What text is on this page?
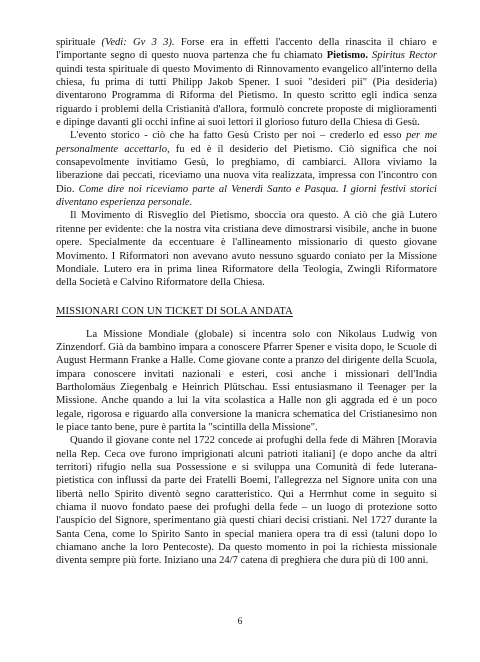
spirituale (Vedi: Gv 3 3). Forse era in effetti l'accento della rinascita il chiaro e l'importante segno di questo nuova partenza che fu chiamato Pietismo. Spiritus Rector quindi testa spirituale di questo Movimento di Rinnovamento evangelico all'interno della chiesa, fu prima di tutti Philipp Jakob Spener. I suoi "desideri pii" (Pia desideria) diventarono Programma di Riforma del Pietismo. In questo scritto egli indica senza riguardo i problemi della Cristianità d'allora, formulò concrete proposte di miglioramenti e dipinge davanti gli occhi infine ai suoi lettori il glorioso futuro della Chiesa di Gesù.

L'evento storico - ciò che ha fatto Gesù Cristo per noi – crederlo ed esso per me personalmente accettarlo, fu ed è il desiderio del Pietismo. Ciò significa che noi consapevolmente invitiamo Gesù, lo preghiamo, di cambiarci. Allora viviamo la liberazione dai peccati, riceviamo una nuova vita realizzata, impressa con l'incontro con Dio. Come dire noi riceviamo parte al Venerdì Santo e Pasqua. I giorni festivi storici diventano esperienza personale.

Il Movimento di Risveglio del Pietismo, sboccia ora questo. A ciò che già Lutero ritenne per evidente: che la nostra vita cristiana deve dimostrarsi visibile, anche in buone opere. Specialmente da eccentuare è l'allineamento missionario di questo giovane Movimento. I Riformatori non avevano avuto nessuno sguardo coniato per la Missione Mondiale. Lutero era in prima linea Riformatore della Teologia, Zwingli Riformatore della Società e Calvino Riformatore della Chiesa.

MISSIONARI CON UN TICKET DI SOLA ANDATA

La Missione Mondiale (globale) si incentra solo con Nikolaus Ludwig von Zinzendorf. Già da bambino impara a conoscere Pfarrer Spener e visita dopo, le Scuole di August Hermann Franke a Halle. Come giovane conte a pranzo del dirigente della Scuola, impara conoscere invitati nazionali e esteri, così anche i missionari dell'India Bartholomäus Ziegenbalg e Heinrich Plütschau. Essi entusiasmano il Teenager per la Missione. Anche quando a lui la vita scolastica a Halle non gli aggrada ed è un poco legale, rigorosa e riguardo alla conversione la manicra schematica del Cristianesimo non le piace tanto bene, pure è partita la "scintilla della Missione".

Quando il giovane conte nel 1722 concede ai profughi della fede di Mähren [Moravia nella Rep. Ceca ove furono imprigionati alcuni patrioti italiani] (e dopo anche da altri territori) rifugio nella sua Possessione e si sviluppa una Comunità di fede luterana-pietistica con influssi da parte dei Fratelli Boemi, l'allegrezza nel Signore unita con una libertà nello Spirito diventò segno caratteristico. Qui a Herrnhut come in seguito si chiama il nuovo fondato paese dei profughi della fede – un luogo di protezione sotto l'auspicio del Signore, sperimentano già questi chiari decisi cristiani. Nel 1727 durante la Santa Cena, come lo Spirito Santo in special maniera opera tra di essi (taluni dopo lo chiamano anche la loro Pentecoste). Da questo momento in poi la richiesta missionale diventa sempre più forte. Iniziano una 24/7 catena di preghiera che dura più di 100 anni.

6
